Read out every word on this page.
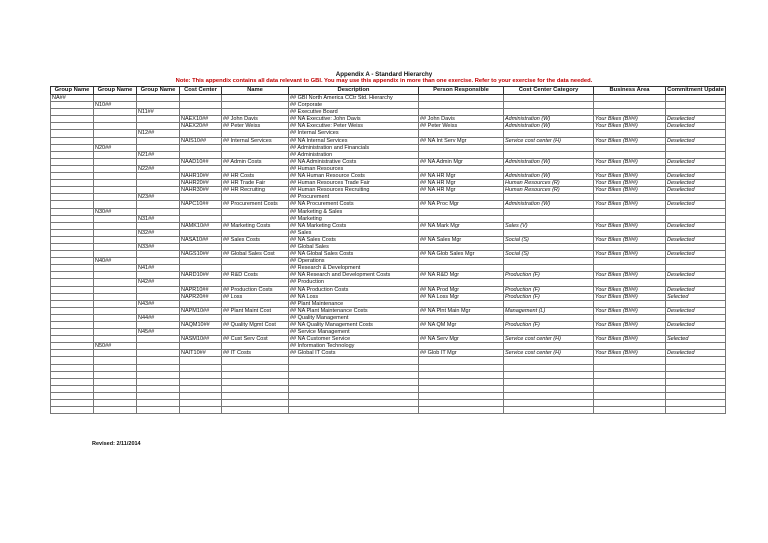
Appendix A - Standard Hierarchy
Note: This appendix contains all data relevant to GBI. You may use this appendix in more than one exercise. Refer to your exercise for the data needed.
Group Name	Group Name	Group Name	Cost Center	Name	Description	Person Responsible	Cost Center Category	Business Area	Commitment Update
NA##					## GBI North America CCtr Std. Hierarchy				
	N10##				## Corporate				
		N11##			## Executive Board				
			NAEX10##	## John Davis	## NA Executive: John Davis	## John Davis	Administration (W)	Your Bikes (BI##)	Deselected
			NAEX20##	## Peter Weiss	## NA Executive: Peter Weiss	## Peter Weiss	Administration (W)	Your Bikes (BI##)	Deselected
		N12##			## Internal Services				
			NAIS10##	## Internal Services	## NA Internal Services	## NA Int Serv Mgr	Service cost center (H)	Your Bikes (BI##)	Deselected
	N20##				## Administration and Financials				
		N21##			## Administration				
			NAAD10##	## Admin Costs	## NA Administrative Costs	## NA Admin Mgr	Administration (W)	Your Bikes (BI##)	Deselected
		N22##			## Human Resources				
			NAHR10##	## HR Costs	## NA Human Resource Costs	## NA HR Mgr	Administration (W)	Your Bikes (BI##)	Deselected
			NAHR20##	## HR Trade Fair	## Human Resources Trade Fair	## NA HR Mgr	Human Resources (R)	Your Bikes (BI##)	Deselected
			NAHR30##	## HR Recruiting	## Human Resources Recruiting	## NA HR Mgr	Human Resources (R)	Your Bikes (BI##)	Deselected
		N23##			## Procurement				
			NAPC10##	## Procurement Costs	## NA Procurement Costs	## NA Proc Mgr	Administration (W)	Your Bikes (BI##)	Deselected
	N30##				## Marketing & Sales				
		N31##			## Marketing				
			NAMK10##	## Marketing Costs	## NA Marketing Costs	## NA Mark Mgr	Sales (V)	Your Bikes (BI##)	Deselected
		N32##			## Sales				
			NASA10##	## Sales Costs	## NA Sales Costs	## NA Sales Mgr	Social (S)	Your Bikes (BI##)	Deselected
		N33##			## Global Sales				
			NAGS10##	## Global Sales Cost	## NA Global Sales Costs	## NA Glob Sales Mgr	Social (S)	Your Bikes (BI##)	Deselected
	N40##				## Operations				
		N41##			## Research & Development				
			NARD10##	## R&D Costs	## NA Research and Development Costs	## NA R&D Mgr	Production (F)	Your Bikes (BI##)	Deselected
		N42##			## Production				
			NAPR10##	## Production Costs	## NA Production Costs	## NA Prod Mgr	Production (F)	Your Bikes (BI##)	Deselected
			NAPR20##	## Loss	## NA Loss	## NA Loss Mgr	Production (F)	Your Bikes (BI##)	Selected
		N43##			## Plant Maintenance				
			NAPM10##	## Plant Maint Cost	## NA Plant Maintenance Costs	## NA Plnt Main Mgr	Management (L)	Your Bikes (BI##)	Deselected
		N44##			## Quality Management				
			NAQM10##	## Quality Mgmt Cost	## NA Quality Management Costs	## NA QM Mgr	Production (F)	Your Bikes (BI##)	Deselected
		N45##			## Service Management				
			NASM10##	## Cust Serv Cost	## NA Customer Service	## NA Serv Mgr	Service cost center (H)	Your Bikes (BI##)	Selected
	N50##				## Information Technology				
			NAIT10##	## IT Costs	## Global IT Costs	## Glob IT Mgr	Service cost center (H)	Your Bikes (BI##)	Deselected

Revised: 2/11/2014
